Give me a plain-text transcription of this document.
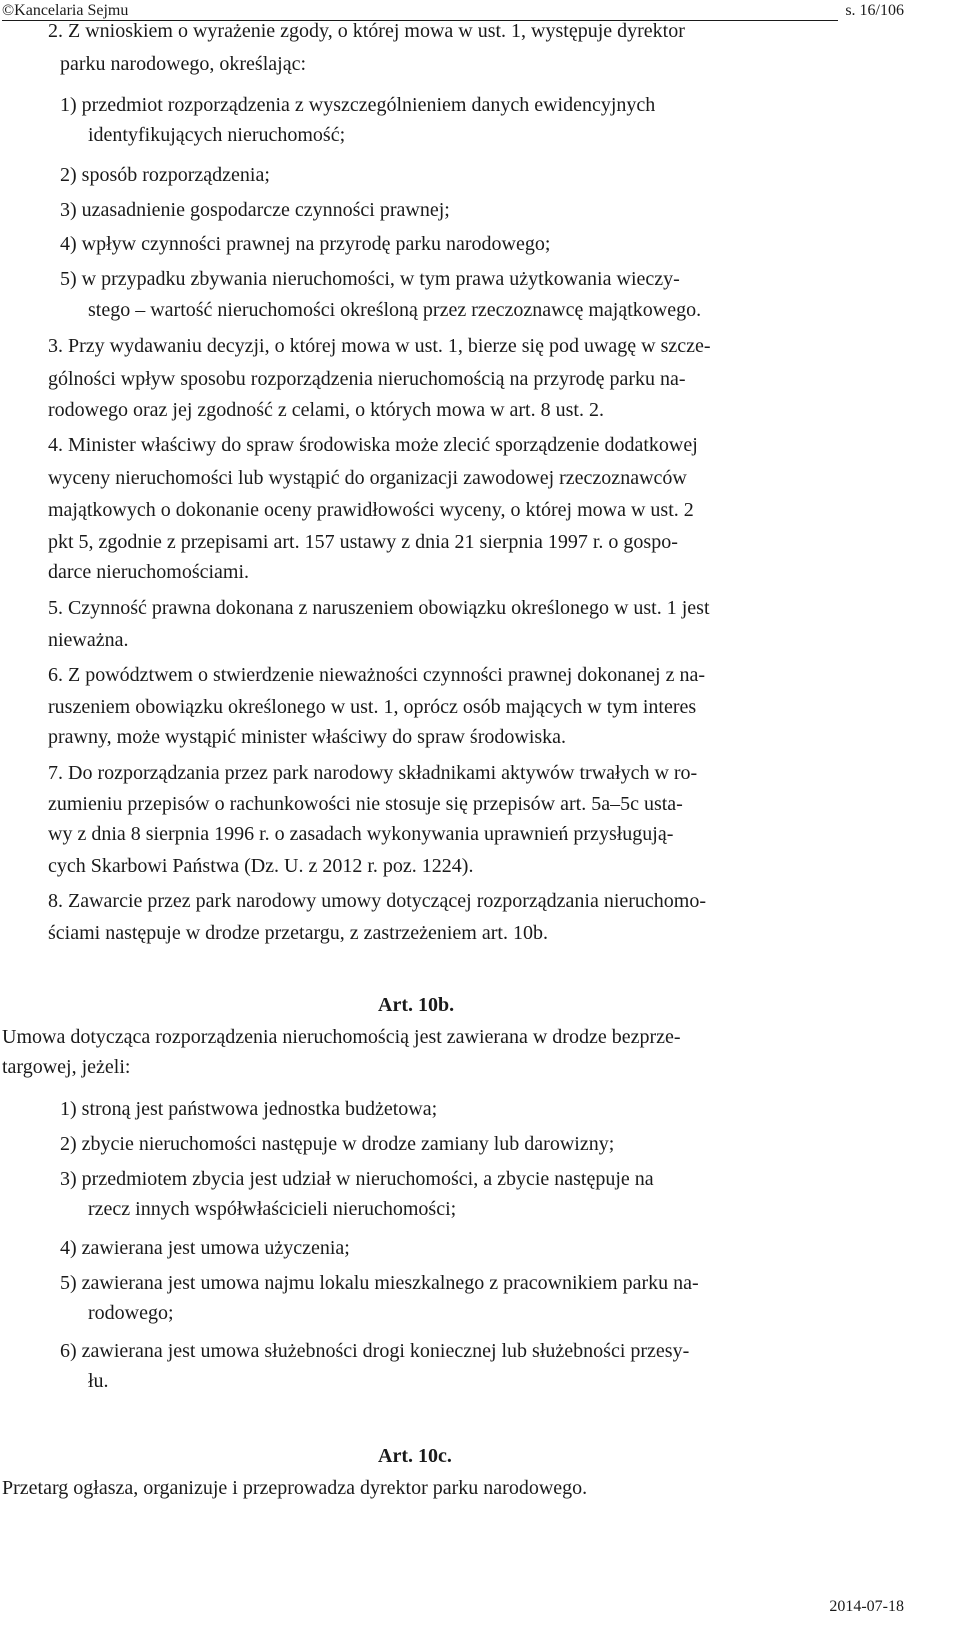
©Kancelaria Sejmu	s. 16/106
2. Z wnioskiem o wyrażenie zgody, o której mowa w ust. 1, występuje dyrektor
parku narodowego, określając:
1) przedmiot rozporządzenia z wyszczególnieniem danych ewidencyjnych
identyfikujących nieruchomość;
2) sposób rozporządzenia;
3) uzasadnienie gospodarcze czynności prawnej;
4) wpływ czynności prawnej na przyrodę parku narodowego;
5) w przypadku zbywania nieruchomości, w tym prawa użytkowania wieczy-
stego – wartość nieruchomości określoną przez rzeczoznawcę majątkowego.
3. Przy wydawaniu decyzji, o której mowa w ust. 1, bierze się pod uwagę w szcze-
gólności wpływ sposobu rozporządzenia nieruchomością na przyrodę parku na-
rodowego oraz jej zgodność z celami, o których mowa w art. 8 ust. 2.
4. Minister właściwy do spraw środowiska może zlecić sporządzenie dodatkowej
wyceny nieruchomości lub wystąpić do organizacji zawodowej rzeczoznawców
majątkowych o dokonanie oceny prawidłowości wyceny, o której mowa w ust. 2
pkt 5, zgodnie z przepisami art. 157 ustawy z dnia 21 sierpnia 1997 r. o gospo-
darce nieruchomościami.
5. Czynność prawna dokonana z naruszeniem obowiązku określonego w ust. 1 jest
nieważna.
6. Z powództwem o stwierdzenie nieważności czynności prawnej dokonanej z na-
ruszeniem obowiązku określonego w ust. 1, oprócz osób mających w tym interes
prawny, może wystąpić minister właściwy do spraw środowiska.
7. Do rozporządzania przez park narodowy składnikami aktywów trwałych w ro-
zumieniu przepisów o rachunkowości nie stosuje się przepisów art. 5a–5c usta-
wy z dnia 8 sierpnia 1996 r. o zasadach wykonywania uprawnień przysługują-
cych Skarbowi Państwa (Dz. U. z 2012 r. poz. 1224).
8. Zawarcie przez park narodowy umowy dotyczącej rozporządzania nieruchomo-
ściami następuje w drodze przetargu, z zastrzeżeniem art. 10b.
Art. 10b.
Umowa dotycząca rozporządzenia nieruchomością jest zawierana w drodze bezprze-
targowej, jeżeli:
1) stroną jest państwowa jednostka budżetowa;
2) zbycie nieruchomości następuje w drodze zamiany lub darowizny;
3) przedmiotem zbycia jest udział w nieruchomości, a zbycie następuje na
rzecz innych współwłaścicieli nieruchomości;
4) zawierana jest umowa użyczenia;
5) zawierana jest umowa najmu lokalu mieszkalnego z pracownikiem parku na-
rodowego;
6) zawierana jest umowa służebności drogi koniecznej lub służebności przesy-
łu.
Art. 10c.
Przetarg ogłasza, organizuje i przeprowadza dyrektor parku narodowego.
2014-07-18
